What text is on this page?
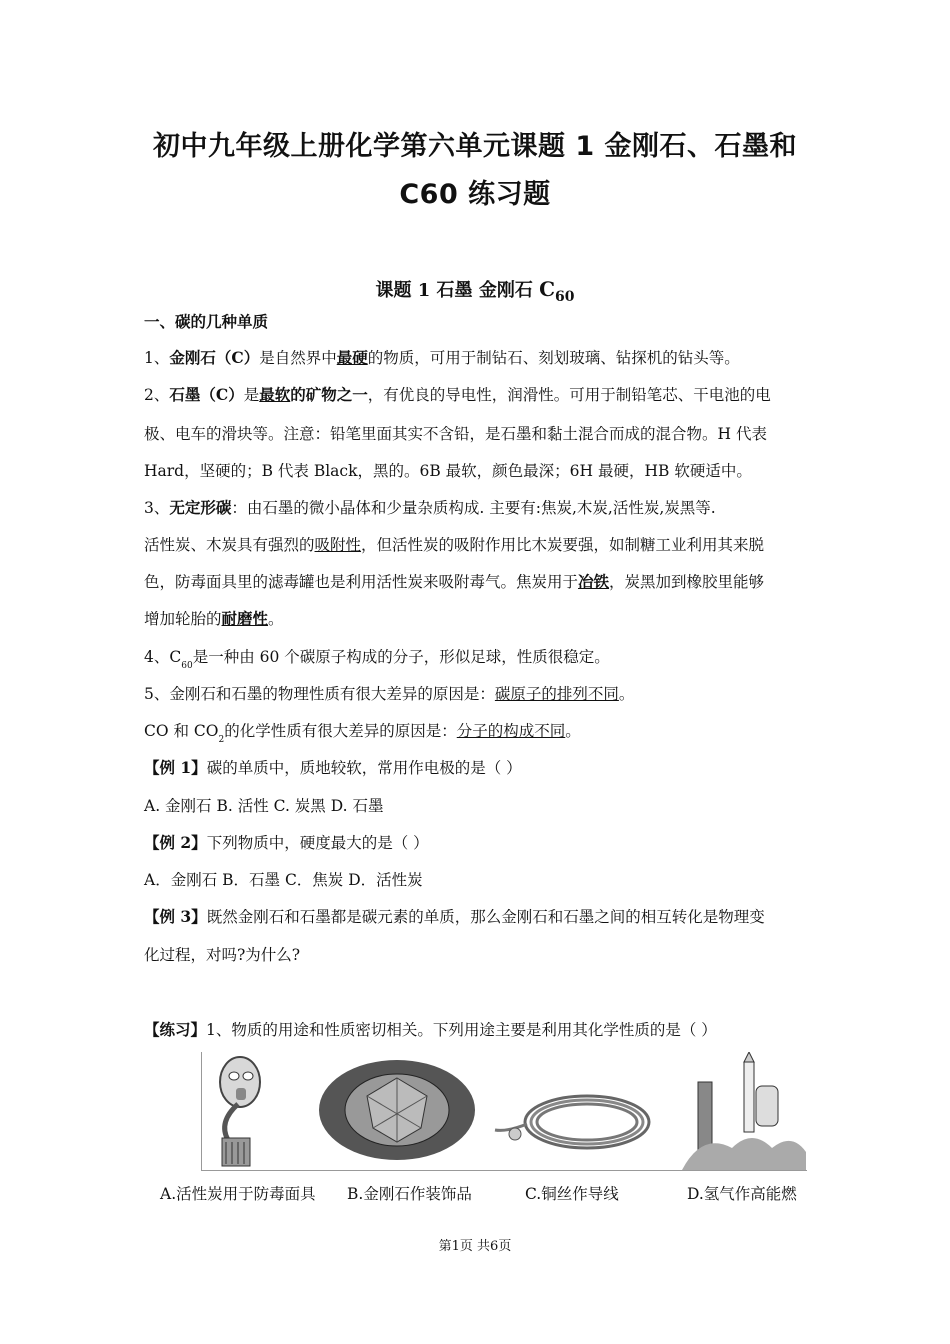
初中九年级上册化学第六单元课题 1 金刚石、石墨和
C60 练习题
课题 1 石墨 金刚石 $C_{60}$
一、碳的几种单质
1、金刚石（C）是自然界中最硬的物质，可用于制钻石、刻划玻璃、钻探机的钻头等。
2、石墨（C）是最软的矿物之一，有优良的导电性，润滑性。可用于制铅笔芯、干电池的电
极、电车的滑块等。注意：铅笔里面其实不含铅，是石墨和黏土混合而成的混合物。H 代表
Hard，坚硬的；B 代表 Black，黑的。6B 最软，颜色最深；6H 最硬，HB 软硬适中。
3、无定形碳：由石墨的微小晶体和少量杂质构成. 主要有:焦炭,木炭,活性炭,炭黑等.
活性炭、木炭具有强烈的吸附性，但活性炭的吸附作用比木炭要强，如制糖工业利用其来脱
色，防毒面具里的滤毒罐也是利用活性炭来吸附毒气。焦炭用于冶铁，炭黑加到橡胶里能够
增加轮胎的耐磨性。
4、$C_{60}$是一种由 60 个碳原子构成的分子，形似足球，性质很稳定。
5、金刚石和石墨的物理性质有很大差异的原因是：碳原子的排列不同。
CO 和 $CO_2$的化学性质有很大差异的原因是：分子的构成不同。
【例 1】碳的单质中，质地较软，常用作电极的是（ ）
A. 金刚石 B. 活性 C. 炭黑 D. 石墨
【例 2】下列物质中，硬度最大的是（ ）
A．金刚石 B．石墨 C．焦炭 D．活性炭
【例 3】既然金刚石和石墨都是碳元素的单质，那么金刚石和石墨之间的相互转化是物理变
化过程，对吗?为什么?
【练习】1、物质的用途和性质密切相关。下列用途主要是利用其化学性质的是（ ）
A.活性炭用于防毒面具 B.金刚石作装饰品	C.铜丝作导线	D.氢气作高能燃
第1页 共6页
